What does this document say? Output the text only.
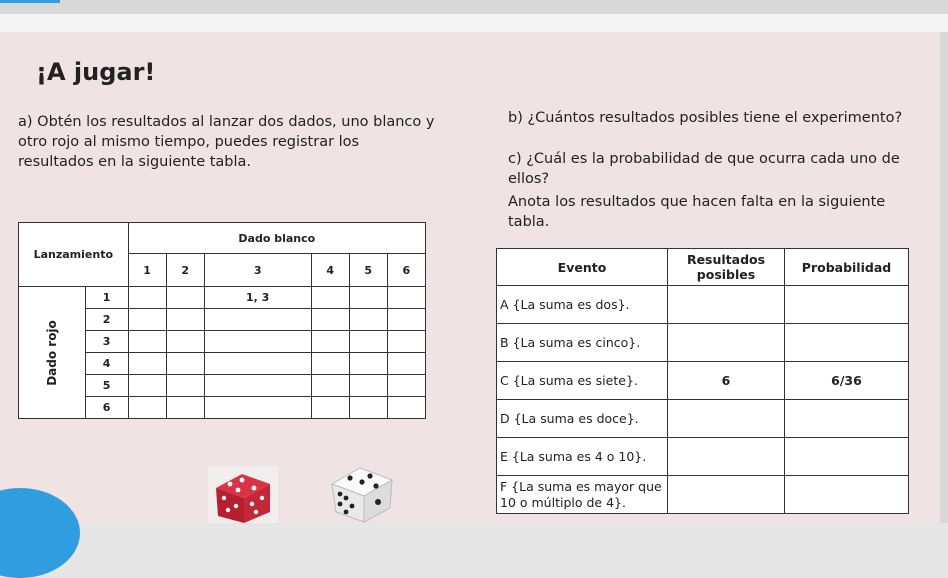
¡A jugar!

a) Obtén los resultados al lanzar dos dados, uno blanco y otro rojo al mismo tiempo, puedes registrar los resultados en la siguiente tabla.

b) ¿Cuántos resultados posibles tiene el experimento?

c) ¿Cuál es la probabilidad de que ocurra cada uno de ellos?

Anota los resultados que hacen falta en la siguiente tabla.

Lanzamiento		Dado blanco					
		1	2	3	4	5	6
Dado rojo	1			1, 3			
	2						
	3						
	4						
	5						
	6						
Evento	Resultados posibles	Probabilidad
A {La suma es dos}.		
B {La suma es cinco}.		
C {La suma es siete}.	6	6/36
D {La suma es doce}.		
E {La suma es 4 o 10}.		
F {La suma es mayor que 10 o múltiplo de 4}.		
